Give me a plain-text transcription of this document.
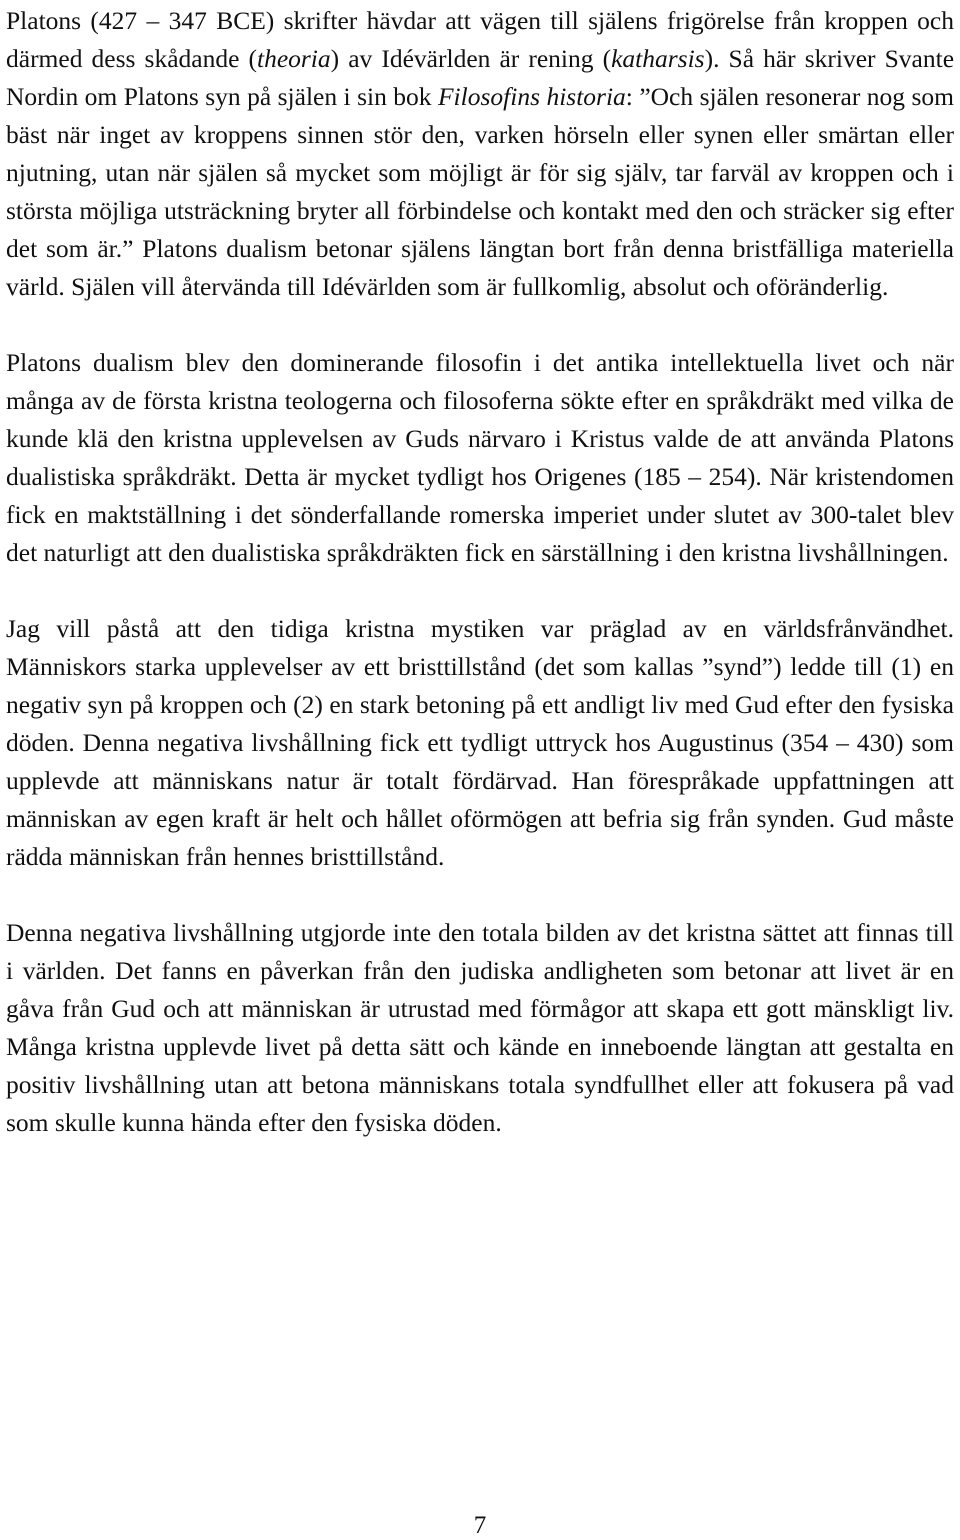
Platons (427 – 347 BCE) skrifter hävdar att vägen till själens frigörelse från kroppen och därmed dess skådande (theoria) av Idévärlden är rening (katharsis). Så här skriver Svante Nordin om Platons syn på själen i sin bok Filosofins historia: ”Och själen resonerar nog som bäst när inget av kroppens sinnen stör den, varken hörseln eller synen eller smärtan eller njutning, utan när själen så mycket som möjligt är för sig själv, tar farväl av kroppen och i största möjliga utsträckning bryter all förbindelse och kontakt med den och sträcker sig efter det som är.” Platons dualism betonar själens längtan bort från denna bristfälliga materiella värld. Själen vill återvända till Idévärlden som är fullkomlig, absolut och oföränderlig.

Platons dualism blev den dominerande filosofin i det antika intellektuella livet och när många av de första kristna teologerna och filosoferna sökte efter en språkdräkt med vilka de kunde klä den kristna upplevelsen av Guds närvaro i Kristus valde de att använda Platons dualistiska språkdräkt. Detta är mycket tydligt hos Origenes (185 – 254). När kristendomen fick en maktställning i det sönderfallande romerska imperiet under slutet av 300-talet blev det naturligt att den dualistiska språkdräkten fick en särställning i den kristna livshållningen.

Jag vill påstå att den tidiga kristna mystiken var präglad av en världsfrånvändhet. Människors starka upplevelser av ett bristtillstånd (det som kallas ”synd”) ledde till (1) en negativ syn på kroppen och (2) en stark betoning på ett andligt liv med Gud efter den fysiska döden. Denna negativa livshållning fick ett tydligt uttryck hos Augustinus (354 – 430) som upplevde att människans natur är totalt fördärvad. Han förespråkade uppfattningen att människan av egen kraft är helt och hållet oförmögen att befria sig från synden. Gud måste rädda människan från hennes bristtillstånd.

Denna negativa livshållning utgjorde inte den totala bilden av det kristna sättet att finnas till i världen. Det fanns en påverkan från den judiska andligheten som betonar att livet är en gåva från Gud och att människan är utrustad med förmågor att skapa ett gott mänskligt liv. Många kristna upplevde livet på detta sätt och kände en inneboende längtan att gestalta en positiv livshållning utan att betona människans totala syndfullhet eller att fokusera på vad som skulle kunna hända efter den fysiska döden.

7
